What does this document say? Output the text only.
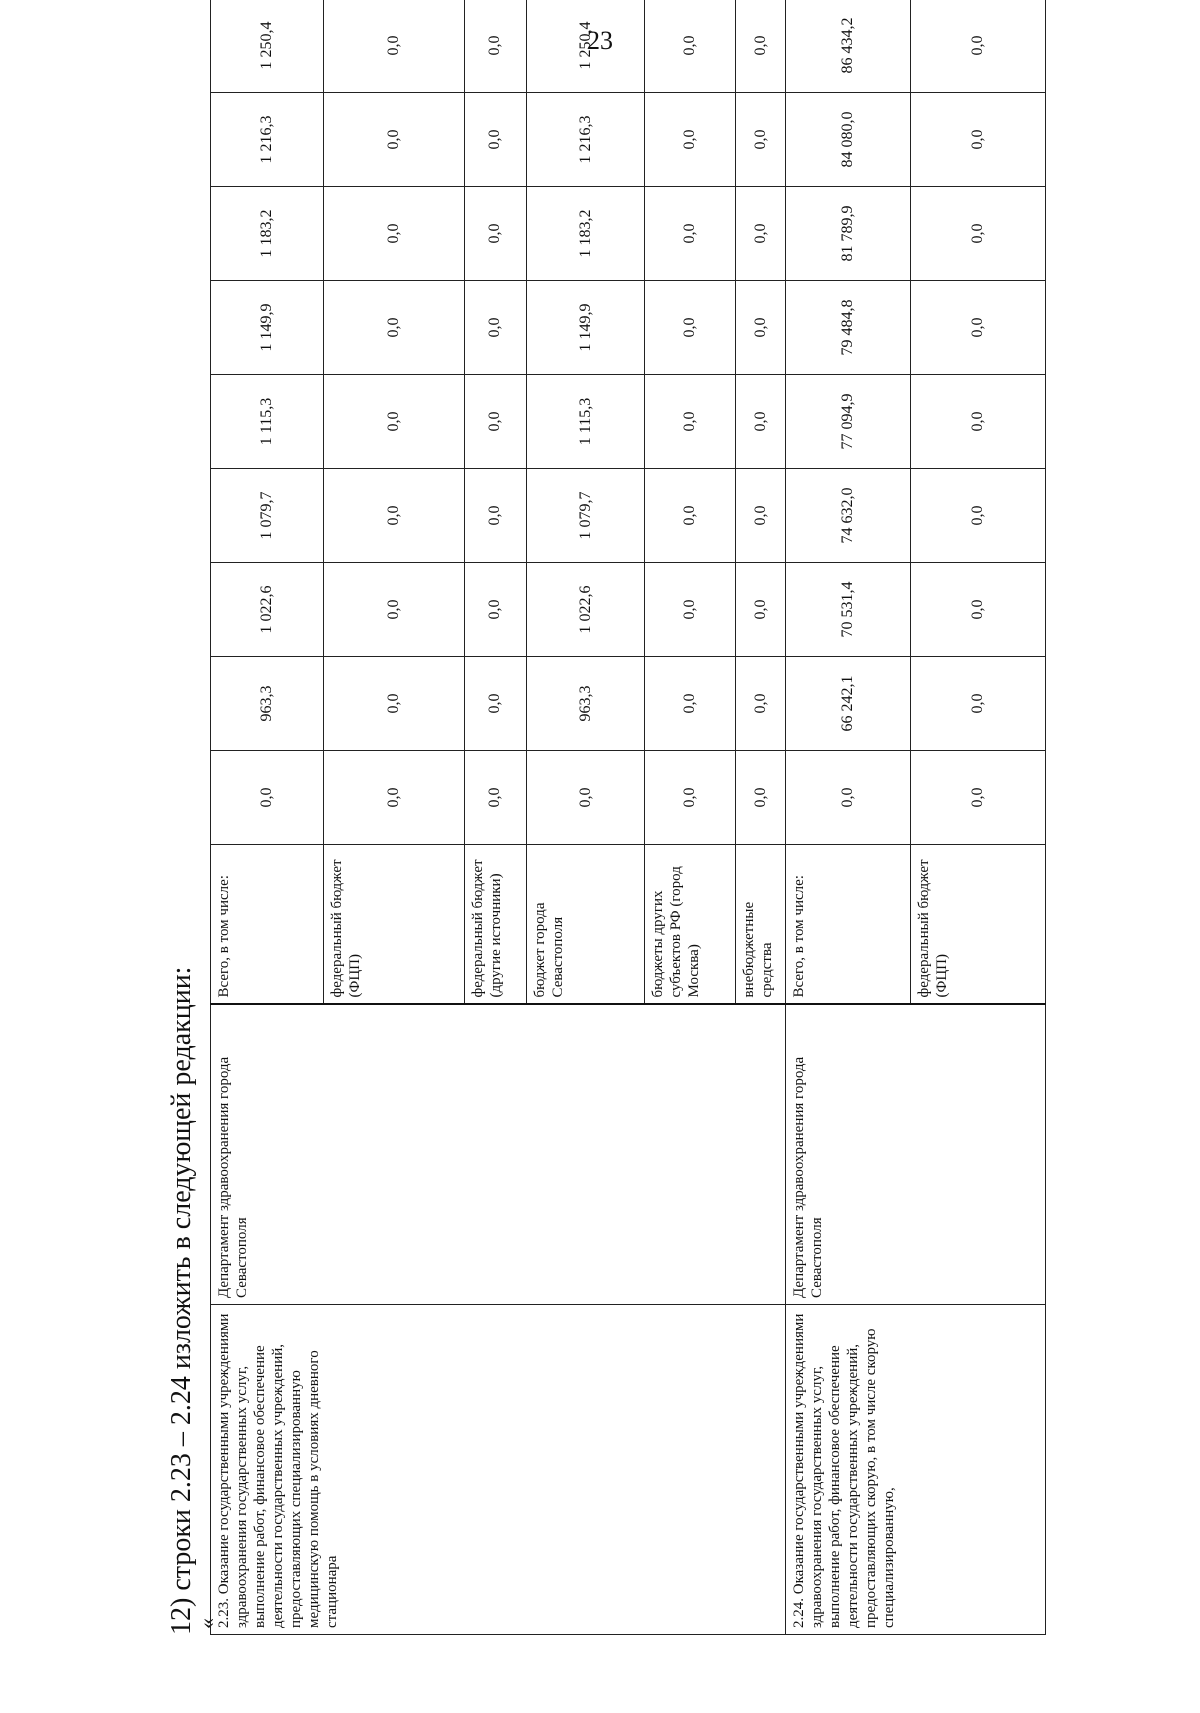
23
12) строки 2.23 – 2.24 изложить в следующей редакции:
«
2.23. Оказание государственными учреждениями здравоохранения государственных услуг, выполнение работ, финансовое обеспечение деятельности государственных учреждений, предоставляющих специализированную медицинскую помощь в условиях дневного стационара	Департамент здравоохранения города Севастополя	Всего, в том числе:	0,0	963,3	1 022,6	1 079,7	1 115,3	1 149,9	1 183,2	1 216,3	1 250,4	
		федеральный бюджет (ФЦП)	0,0	0,0	0,0	0,0	0,0	0,0	0,0	0,0	0,0	
		федеральный бюджет (другие источники)	0,0	0,0	0,0	0,0	0,0	0,0	0,0	0,0	0,0	
		бюджет города Севастополя	0,0	963,3	1 022,6	1 079,7	1 115,3	1 149,9	1 183,2	1 216,3	1 250,4	
		бюджеты других субъектов РФ (город Москва)	0,0	0,0	0,0	0,0	0,0	0,0	0,0	0,0	0,0	
		внебюджетные средства	0,0	0,0	0,0	0,0	0,0	0,0	0,0	0,0	0,0	
2.24. Оказание государственными учреждениями здравоохранения государственных услуг, выполнение работ, финансовое обеспечение деятельности государственных учреждений, предоставляющих скорую, в том числе скорую специализированную,	Департамент здравоохранения города Севастополя	Всего, в том числе:	0,0	66 242,1	70 531,4	74 632,0	77 094,9	79 484,8	81 789,9	84 080,0	86 434,2	
		федеральный бюджет (ФЦП)	0,0	0,0	0,0	0,0	0,0	0,0	0,0	0,0	0,0	
